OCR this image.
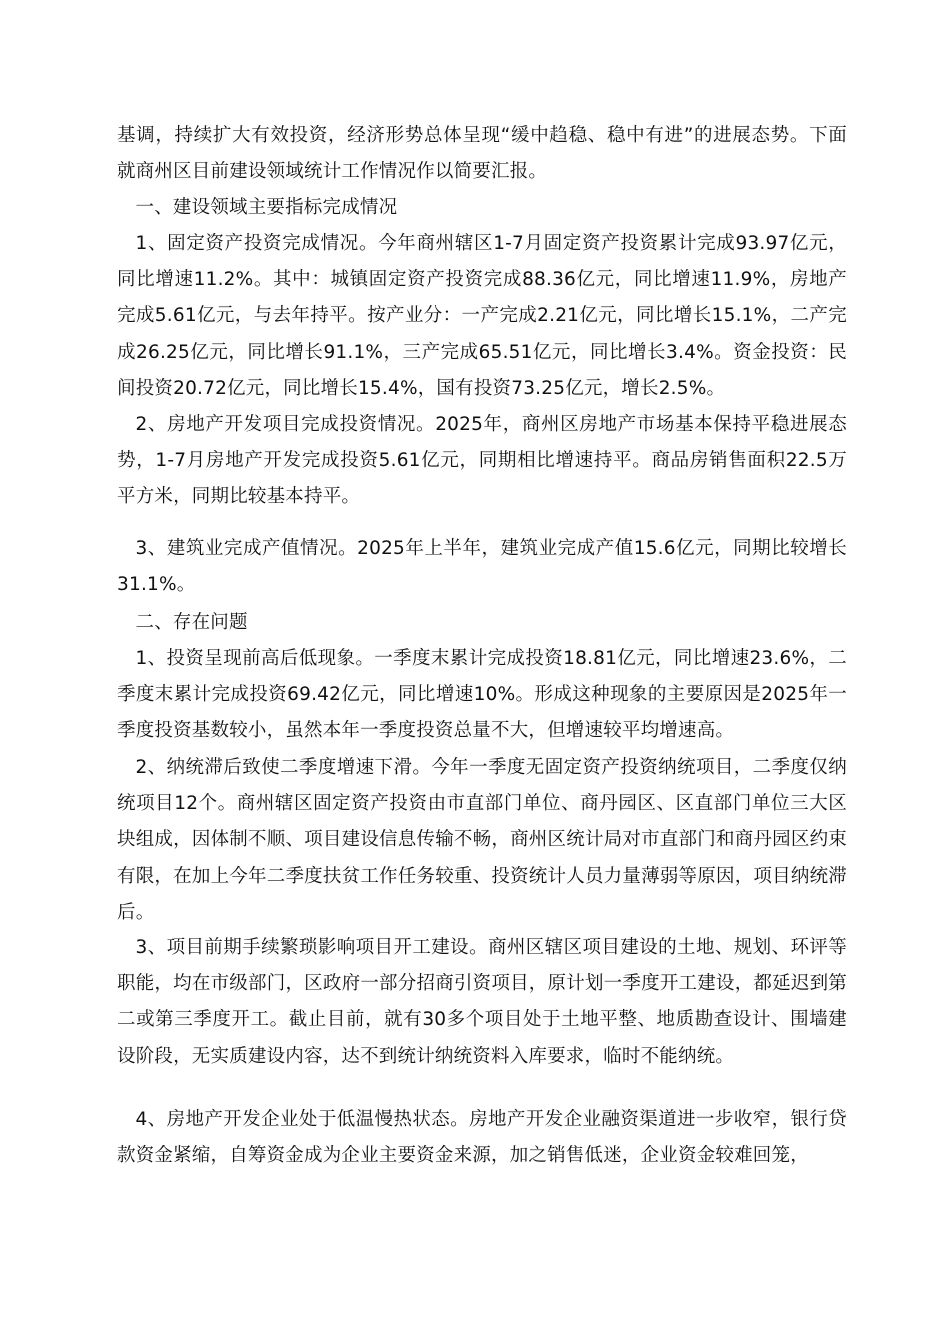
基调，持续扩大有效投资，经济形势总体呈现“缓中趋稳、稳中有进”的进展态势。下面就商州区目前建设领域统计工作情况作以简要汇报。

一、建设领域主要指标完成情况

1、固定资产投资完成情况。今年商州辖区1-7月固定资产投资累计完成93.97亿元，同比增速11.2%。其中：城镇固定资产投资完成88.36亿元，同比增速11.9%，房地产完成5.61亿元，与去年持平。按产业分：一产完成2.21亿元，同比增长15.1%，二产完成26.25亿元，同比增长91.1%，三产完成65.51亿元，同比增长3.4%。资金投资：民间投资20.72亿元，同比增长15.4%，国有投资73.25亿元，增长2.5%。

2、房地产开发项目完成投资情况。2025年，商州区房地产市场基本保持平稳进展态势，1-7月房地产开发完成投资5.61亿元，同期相比增速持平。商品房销售面积22.5万平方米，同期比较基本持平。

3、建筑业完成产值情况。2025年上半年，建筑业完成产值15.6亿元，同期比较增长31.1%。

二、存在问题

1、投资呈现前高后低现象。一季度末累计完成投资18.81亿元，同比增速23.6%，二季度末累计完成投资69.42亿元，同比增速10%。形成这种现象的主要原因是2025年一季度投资基数较小，虽然本年一季度投资总量不大，但增速较平均增速高。

2、纳统滞后致使二季度增速下滑。今年一季度无固定资产投资纳统项目，二季度仅纳统项目12个。商州辖区固定资产投资由市直部门单位、商丹园区、区直部门单位三大区块组成，因体制不顺、项目建设信息传输不畅，商州区统计局对市直部门和商丹园区约束有限，在加上今年二季度扶贫工作任务较重、投资统计人员力量薄弱等原因，项目纳统滞后。

3、项目前期手续繁琐影响项目开工建设。商州区辖区项目建设的土地、规划、环评等职能，均在市级部门，区政府一部分招商引资项目，原计划一季度开工建设，都延迟到第二或第三季度开工。截止目前，就有30多个项目处于土地平整、地质勘查设计、围墙建设阶段，无实质建设内容，达不到统计纳统资料入库要求，临时不能纳统。

4、房地产开发企业处于低温慢热状态。房地产开发企业融资渠道进一步收窄，银行贷款资金紧缩，自筹资金成为企业主要资金来源，加之销售低迷，企业资金较难回笼，
